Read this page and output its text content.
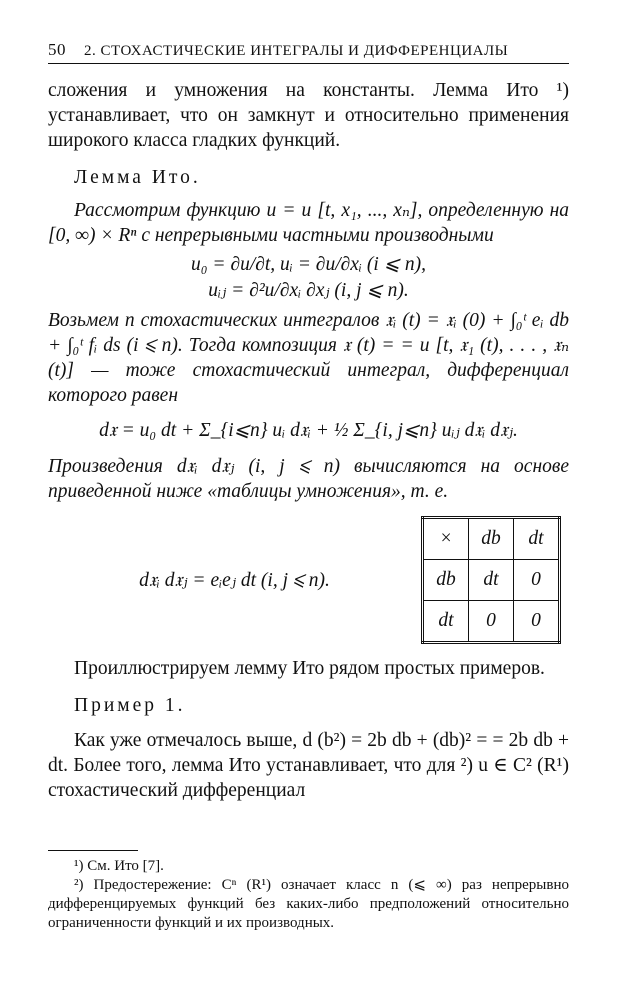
50 2. СТОХАСТИЧЕСКИЕ ИНТЕГРАЛЫ И ДИФФЕРЕНЦИАЛЫ

сложения и умножения на константы. Лемма Ито ¹) устанавливает, что он замкнут и относительно применения широкого класса гладких функций.

Лемма Ито.

Рассмотрим функцию u = u [t, x₁, ..., xₙ], определенную на [0, ∞) × Rⁿ с непрерывными частными производными

u₀ = ∂u/∂t, uᵢ = ∂u/∂xᵢ (i ⩽ n),
uᵢⱼ = ∂²u/∂xᵢ ∂xⱼ (i, j ⩽ n).

Возьмем n стохастических интегралов 𝔵ᵢ (t) = 𝔵ᵢ (0) + ∫₀ᵗ eᵢ db + ∫₀ᵗ fᵢ ds (i ⩽ n). Тогда композиция 𝔵 (t) = = u [t, 𝔵₁ (t), . . . , 𝔵ₙ (t)] — тоже стохастический интеграл, дифференциал которого равен

d𝔵 = u₀ dt + Σ_{i⩽n} uᵢ d𝔵ᵢ + ½ Σ_{i, j⩽n} uᵢⱼ d𝔵ᵢ d𝔵ⱼ.

Произведения d𝔵ᵢ d𝔵ⱼ (i, j ⩽ n) вычисляются на основе приведенной ниже «таблицы умножения», т. е.

d𝔵ᵢ d𝔵ⱼ = eᵢeⱼ dt (i, j ⩽ n).
×	db	dt
db	dt	0
dt	0	0

Проиллюстрируем лемму Ито рядом простых примеров.

Пример 1.

Как уже отмечалось выше, d (b²) = 2b db + (db)² = = 2b db + dt. Более того, лемма Ито устанавливает, что для ²) u ∈ C² (R¹) стохастический дифференциал

¹) См. Ито [7].

²) Предостережение: Cⁿ (R¹) означает класс n (⩽ ∞) раз непрерывно дифференцируемых функций без каких-либо предположений относительно ограниченности функций и их производных.
